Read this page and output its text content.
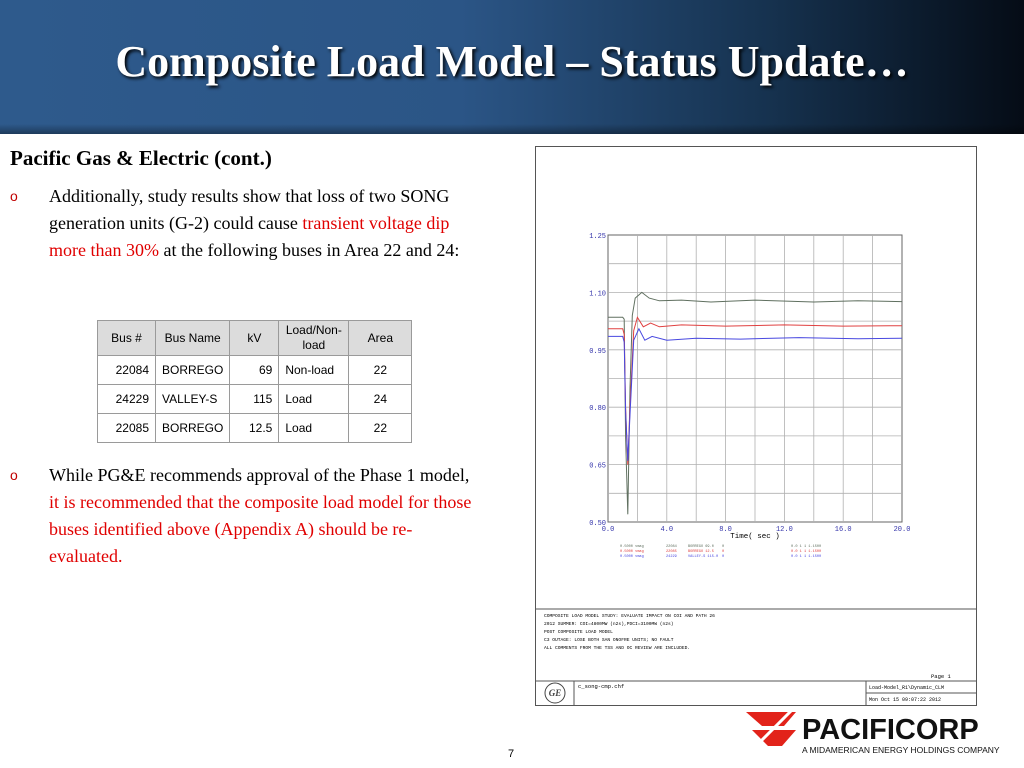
Composite Load Model – Status Update…
Pacific Gas & Electric (cont.)
o Additionally, study results show that loss of two SONG generation units (G-2) could cause transient voltage dip more than 30% at the following buses in Area 22 and 24:
Bus #	Bus Name	kV	Load/Non-load	Area
22084	BORREGO	69	Non-load	22
24229	VALLEY-S	115	Load	24
22085	BORREGO	12.5	Load	22
o While PG&E recommends approval of the Phase 1 model, it is recommended that the composite load model for those buses identified above (Appendix A) should be re-evaluated.
1.25
1.10
0.95
0.80
0.65
0.50
0.0	4.0	8.0	12.0	16.0	20.0
Time( sec )
0.5000 vmag	22084	BORREGO 69.0 0	0.0 1 1 1.1500
0.5000 vmag	22085	BORREGO 12.5 0	0.0 1 1 1.1500
0.5000 vmag	24229	VALLEY-S 115.0 0	0.0 1 1 1.1500
COMPOSITE LOAD MODEL STUDY: EVALUATE IMPACT ON COI AND PATH 26
2012 SUMMER: COI=4800MW (n2s),PDCI=3100MW (n2s)
POST COMPOSITE LOAD MODEL
C3 OUTAGE: LOSE BOTH SAN ONOFRE UNITS; NO FAULT
ALL COMMENTS FROM THE TSS AND OC REVIEW ARE INCLUDED.
Page 1
GE
c_song-cmp.chf	Load-Model_R1\Dynamic_CLM
Mon Oct 15 09:07:22 2012
PACIFICORP
A MIDAMERICAN ENERGY HOLDINGS COMPANY
7
